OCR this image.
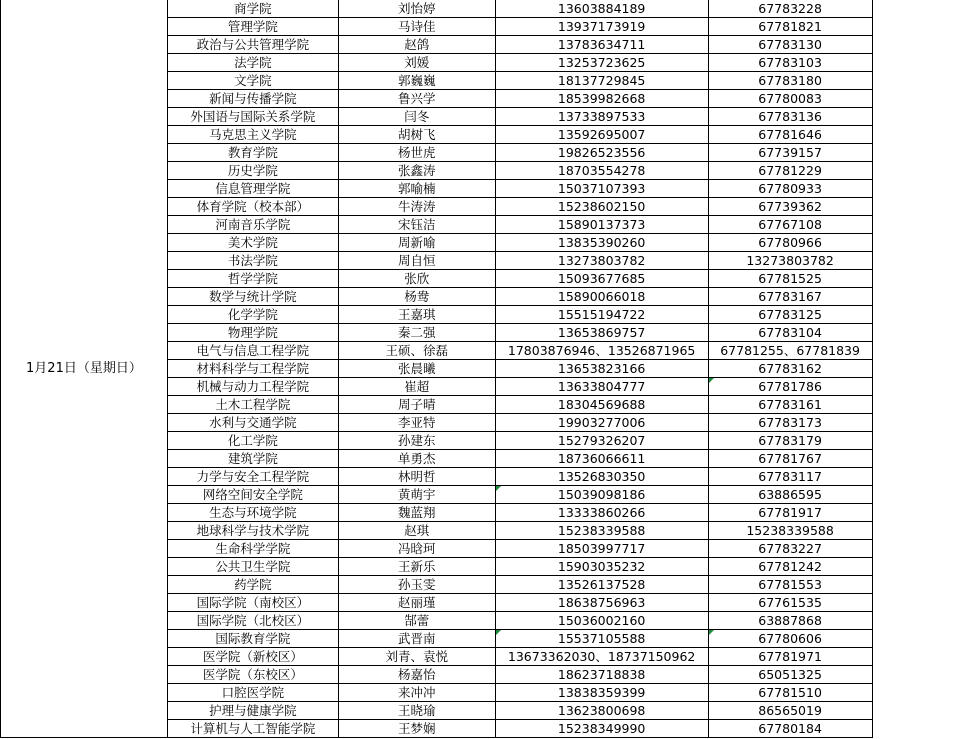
1月21日（星期日）	商学院	刘怡婷	13603884189	67783228	
	管理学院	马诗佳	13937173919	67781821	
	政治与公共管理学院	赵鸽	13783634711	67783130	
	法学院	刘媛	13253723625	67783103	
	文学院	郭巍巍	18137729845	67783180	
	新闻与传播学院	鲁兴学	18539982668	67780083	
	外国语与国际关系学院	闫冬	13733897533	67783136	
	马克思主义学院	胡树飞	13592695007	67781646	
	教育学院	杨世虎	19826523556	67739157	
	历史学院	张鑫涛	18703554278	67781229	
	信息管理学院	郭喻楠	15037107393	67780933	
	体育学院（校本部）	牛涛涛	15238602150	67739362	
	河南音乐学院	宋钰洁	15890137373	67767108	
	美术学院	周新喻	13835390260	67780966	
	书法学院	周自恒	13273803782	13273803782	
	哲学学院	张欣	15093677685	67781525	
	数学与统计学院	杨鸯	15890066018	67783167	
	化学学院	王嘉琪	15515194722	67783125	
	物理学院	秦二强	13653869757	67783104	
	电气与信息工程学院	王硕、徐磊	17803876946、13526871965	67781255、67781839	
	材料科学与工程学院	张晨曦	13653823166	67783162	
	机械与动力工程学院	崔超	13633804777	67781786	
	土木工程学院	周子晴	18304569688	67783161	
	水利与交通学院	李亚特	19903277006	67783173	
	化工学院	孙建东	15279326207	67783179	
	建筑学院	单勇杰	18736066611	67781767	
	力学与安全工程学院	林明哲	13526830350	67783117	
	网络空间安全学院	黄萌宇	15039098186	63886595	
	生态与环境学院	魏蓝翔	13333860266	67781917	
	地球科学与技术学院	赵琪	15238339588	15238339588	
	生命科学学院	冯晗珂	18503997717	67783227	
	公共卫生学院	王新乐	15903035232	67781242	
	药学院	孙玉雯	13526137528	67781553	
	国际学院（南校区）	赵丽瑾	18638756963	67761535	
	国际学院（北校区）	郜蕾	15036002160	63887868	
	国际教育学院	武晋南	15537105588	67780606	
	医学院（新校区）	刘青、袁悦	13673362030、18737150962	67781971	
	医学院（东校区）	杨嘉怡	18623718838	65051325	
	口腔医学院	来冲冲	13838359399	67781510	
	护理与健康学院	王晓瑜	13623800698	86565019	
	计算机与人工智能学院	王梦娴	15238349990	67780184	
